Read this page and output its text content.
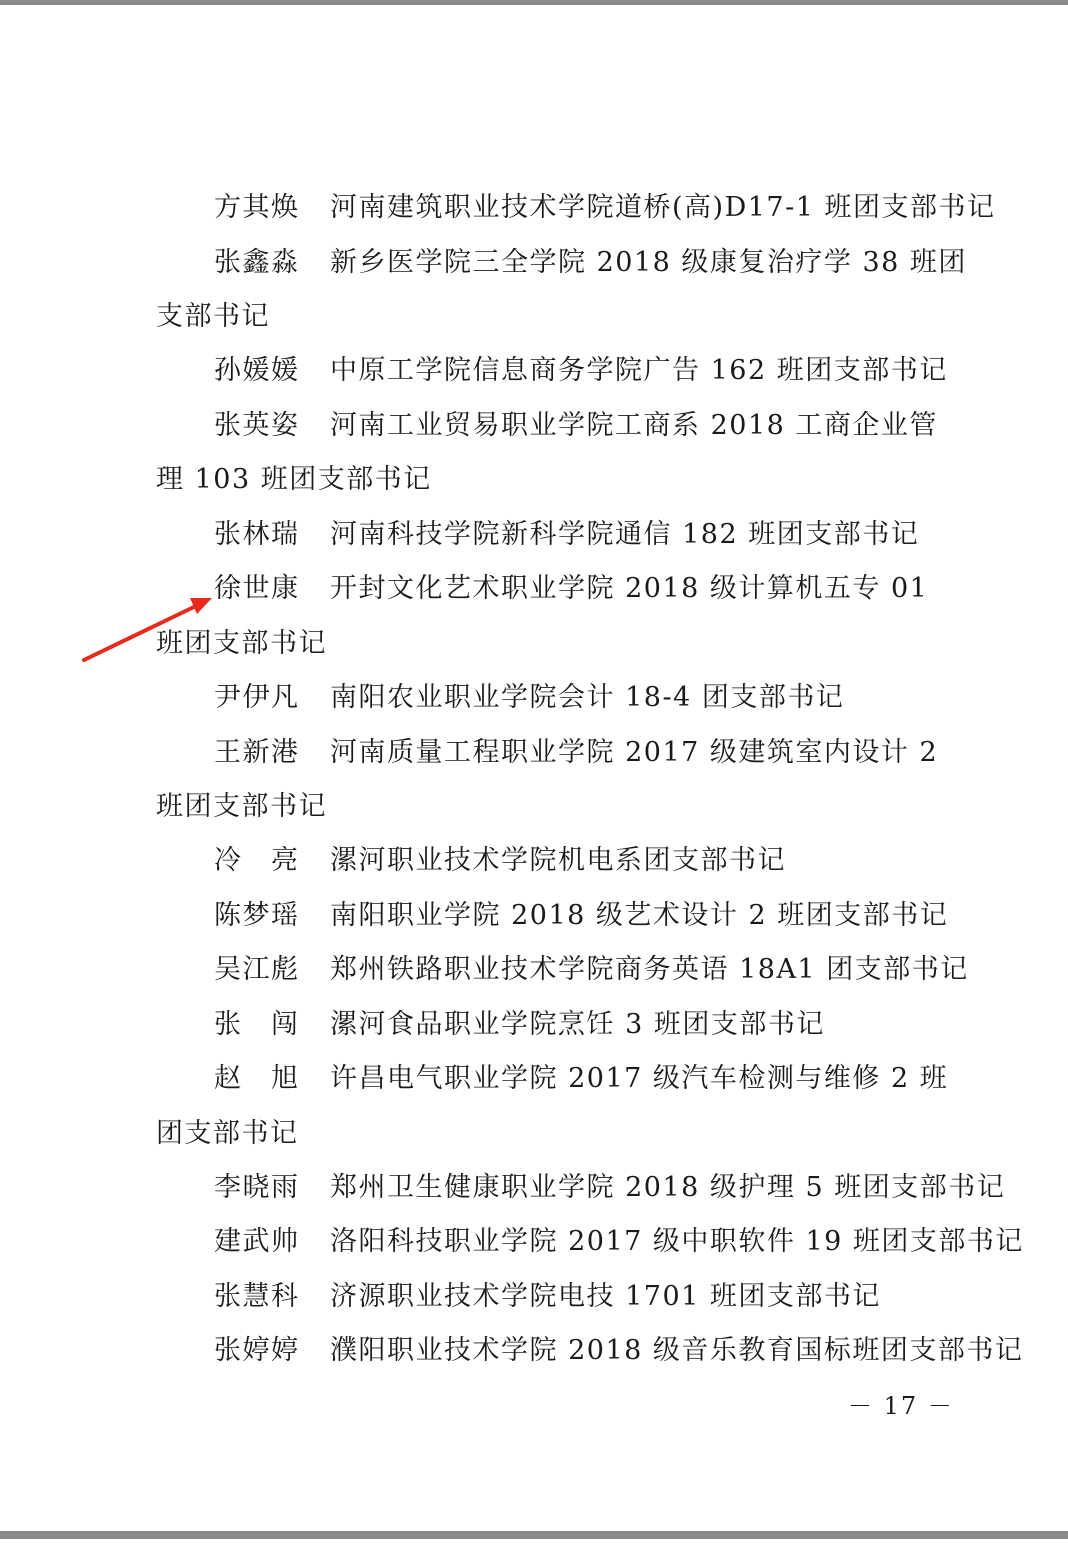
方其焕 河南建筑职业技术学院道桥(高)D17-1 班团支部书记
张鑫淼 新乡医学院三全学院 2018 级康复治疗学 38 班团
支部书记
孙媛媛 中原工学院信息商务学院广告 162 班团支部书记
张英姿 河南工业贸易职业学院工商系 2018 工商企业管
理 103 班团支部书记
张林瑞 河南科技学院新科学院通信 182 班团支部书记
徐世康 开封文化艺术职业学院 2018 级计算机五专 01
班团支部书记
尹伊凡 南阳农业职业学院会计 18-4 团支部书记
王新港 河南质量工程职业学院 2017 级建筑室内设计 2
班团支部书记
冷　亮 漯河职业技术学院机电系团支部书记
陈梦瑶 南阳职业学院 2018 级艺术设计 2 班团支部书记
吴江彪 郑州铁路职业技术学院商务英语 18A1 团支部书记
张　闯 漯河食品职业学院烹饪 3 班团支部书记
赵　旭 许昌电气职业学院 2017 级汽车检测与维修 2 班
团支部书记
李晓雨 郑州卫生健康职业学院 2018 级护理 5 班团支部书记
建武帅 洛阳科技职业学院 2017 级中职软件 19 班团支部书记
张慧科 济源职业技术学院电技 1701 班团支部书记
张婷婷 濮阳职业技术学院 2018 级音乐教育国标班团支部书记
－ 17 －
